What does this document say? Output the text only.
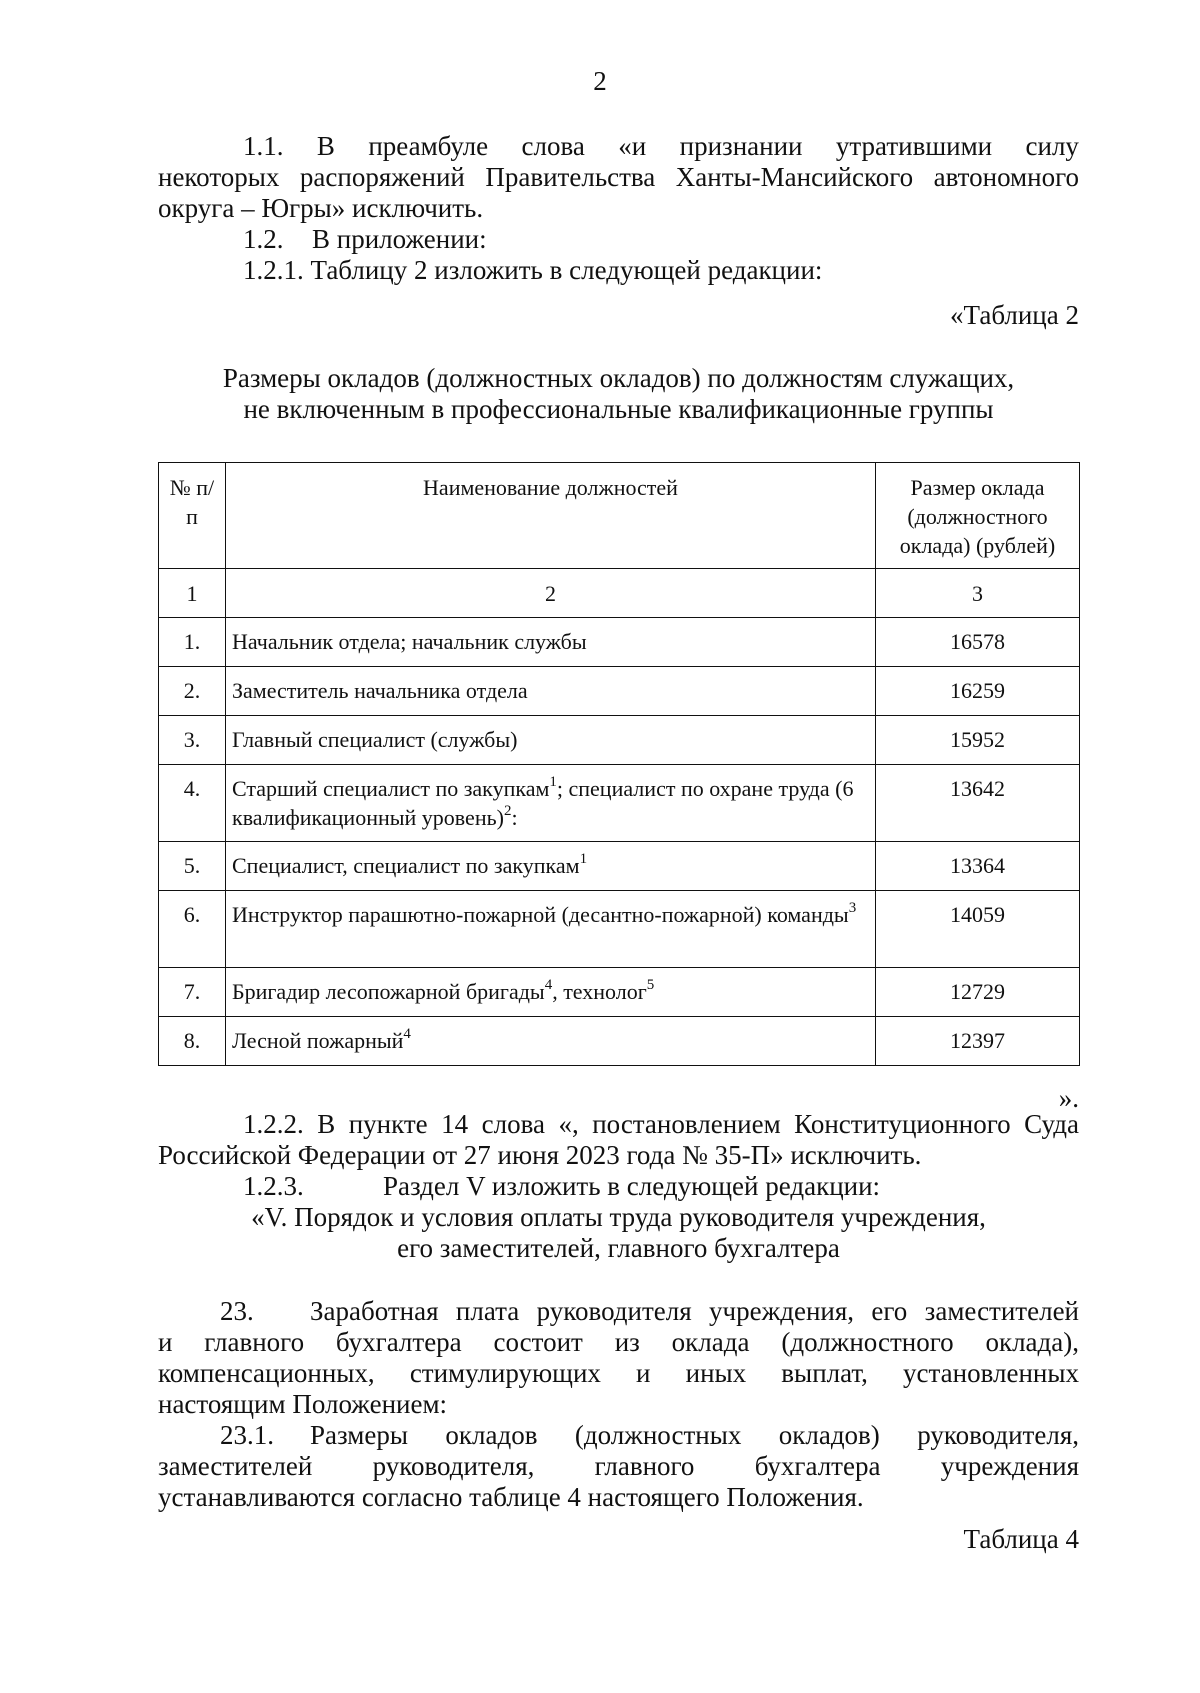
2
1.1. В преамбуле слова «и признании утратившими силу
некоторых распоряжений Правительства Ханты-Мансийского автономного
округа – Югры» исключить.
1.2. В приложении:
1.2.1. Таблицу 2 изложить в следующей редакции:
«Таблица 2
Размеры окладов (должностных окладов) по должностям служащих,
не включенным в профессиональные квалификационные группы
№ п/п	Наименование должностей	Размер оклада (должностного оклада) (рублей)
1	2	3
1.	Начальник отдела; начальник службы	16578
2.	Заместитель начальника отдела	16259
3.	Главный специалист (службы)	15952
4.	Старший специалист по закупкам$^1$; специалист по охране труда (6 квалификационный уровень)$^2$:	13642
5.	Специалист, специалист по закупкам$^1$	13364
6.	Инструктор парашютно-пожарной (десантно-пожарной) команды$^3$	14059
7.	Бригадир лесопожарной бригады$^4$, технолог$^5$	12729
8.	Лесной пожарный$^4$	12397
».
1.2.2. В пункте 14 слова «, постановлением Конституционного Суда
Российской Федерации от 27 июня 2023 года № 35-П» исключить.
1.2.3.	Раздел V изложить в следующей редакции:
«V. Порядок и условия оплаты труда руководителя учреждения,
его заместителей, главного бухгалтера
23. Заработная плата руководителя учреждения, его заместителей
и главного бухгалтера состоит из оклада (должностного оклада),
компенсационных, стимулирующих и иных выплат, установленных
настоящим Положением:
23.1. Размеры окладов (должностных окладов) руководителя,
заместителей руководителя, главного бухгалтера учреждения
устанавливаются согласно таблице 4 настоящего Положения.
Таблица 4
